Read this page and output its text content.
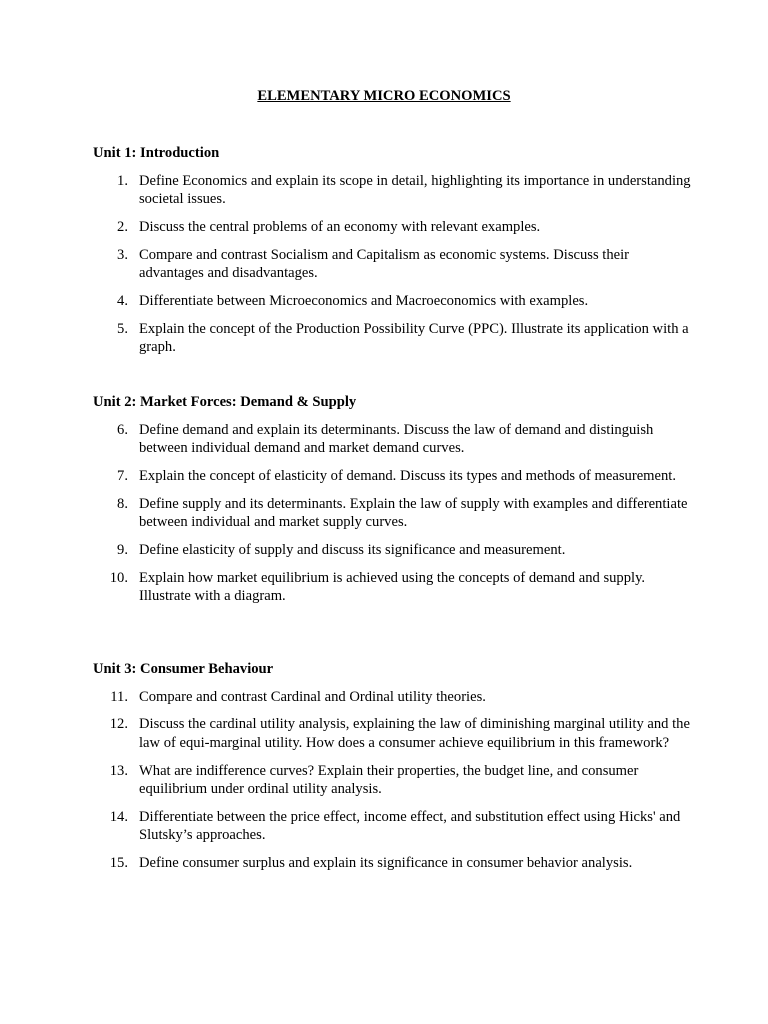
ELEMENTARY MICRO ECONOMICS
Unit 1: Introduction
1. Define Economics and explain its scope in detail, highlighting its importance in understanding societal issues.
2. Discuss the central problems of an economy with relevant examples.
3. Compare and contrast Socialism and Capitalism as economic systems. Discuss their advantages and disadvantages.
4. Differentiate between Microeconomics and Macroeconomics with examples.
5. Explain the concept of the Production Possibility Curve (PPC). Illustrate its application with a graph.
Unit 2: Market Forces: Demand & Supply
6. Define demand and explain its determinants. Discuss the law of demand and distinguish between individual demand and market demand curves.
7. Explain the concept of elasticity of demand. Discuss its types and methods of measurement.
8. Define supply and its determinants. Explain the law of supply with examples and differentiate between individual and market supply curves.
9. Define elasticity of supply and discuss its significance and measurement.
10. Explain how market equilibrium is achieved using the concepts of demand and supply. Illustrate with a diagram.
Unit 3: Consumer Behaviour
11. Compare and contrast Cardinal and Ordinal utility theories.
12. Discuss the cardinal utility analysis, explaining the law of diminishing marginal utility and the law of equi-marginal utility. How does a consumer achieve equilibrium in this framework?
13. What are indifference curves? Explain their properties, the budget line, and consumer equilibrium under ordinal utility analysis.
14. Differentiate between the price effect, income effect, and substitution effect using Hicks' and Slutsky’s approaches.
15. Define consumer surplus and explain its significance in consumer behavior analysis.
